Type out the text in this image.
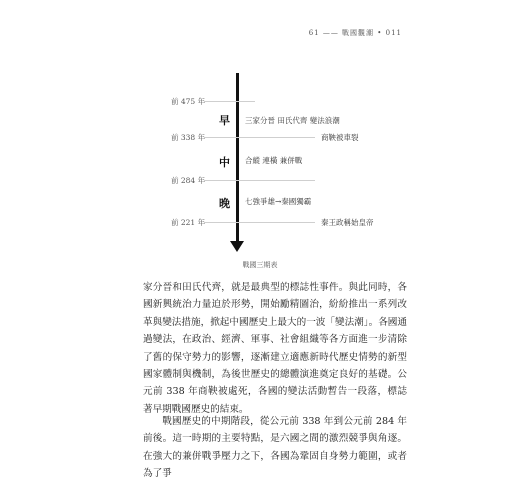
61 —— 戰國觀潮 • 011
前 475 年
前 338 年
前 284 年
前 221 年
早
中
晚
三家分晉 田氏代齊 變法浪潮
合縱 連橫 兼併戰
七強爭雄→秦國獨霸
商鞅被車裂
秦王政稱始皇帝
戰國三期表

家分晉和田氏代齊，就是最典型的標誌性事件。與此同時，各國新興統治力量迫於形勢，開始勵精圖治，紛紛推出一系列改革與變法措施，掀起中國歷史上最大的一波「變法潮」。各國通過變法，在政治、經濟、軍事、社會組織等各方面進一步清除了舊的保守勢力的影響，逐漸建立適應新時代歷史情勢的新型國家體制與機制，為後世歷史的總體演進奠定良好的基礎。公元前 338 年商鞅被處死，各國的變法活動暫告一段落，標誌著早期戰國歷史的結束。

戰國歷史的中期階段，從公元前 338 年到公元前 284 年前後。這一時期的主要特點，是六國之間的激烈競爭與角逐。在強大的兼併戰爭壓力之下，各國為鞏固自身勢力範圍，或者為了爭
